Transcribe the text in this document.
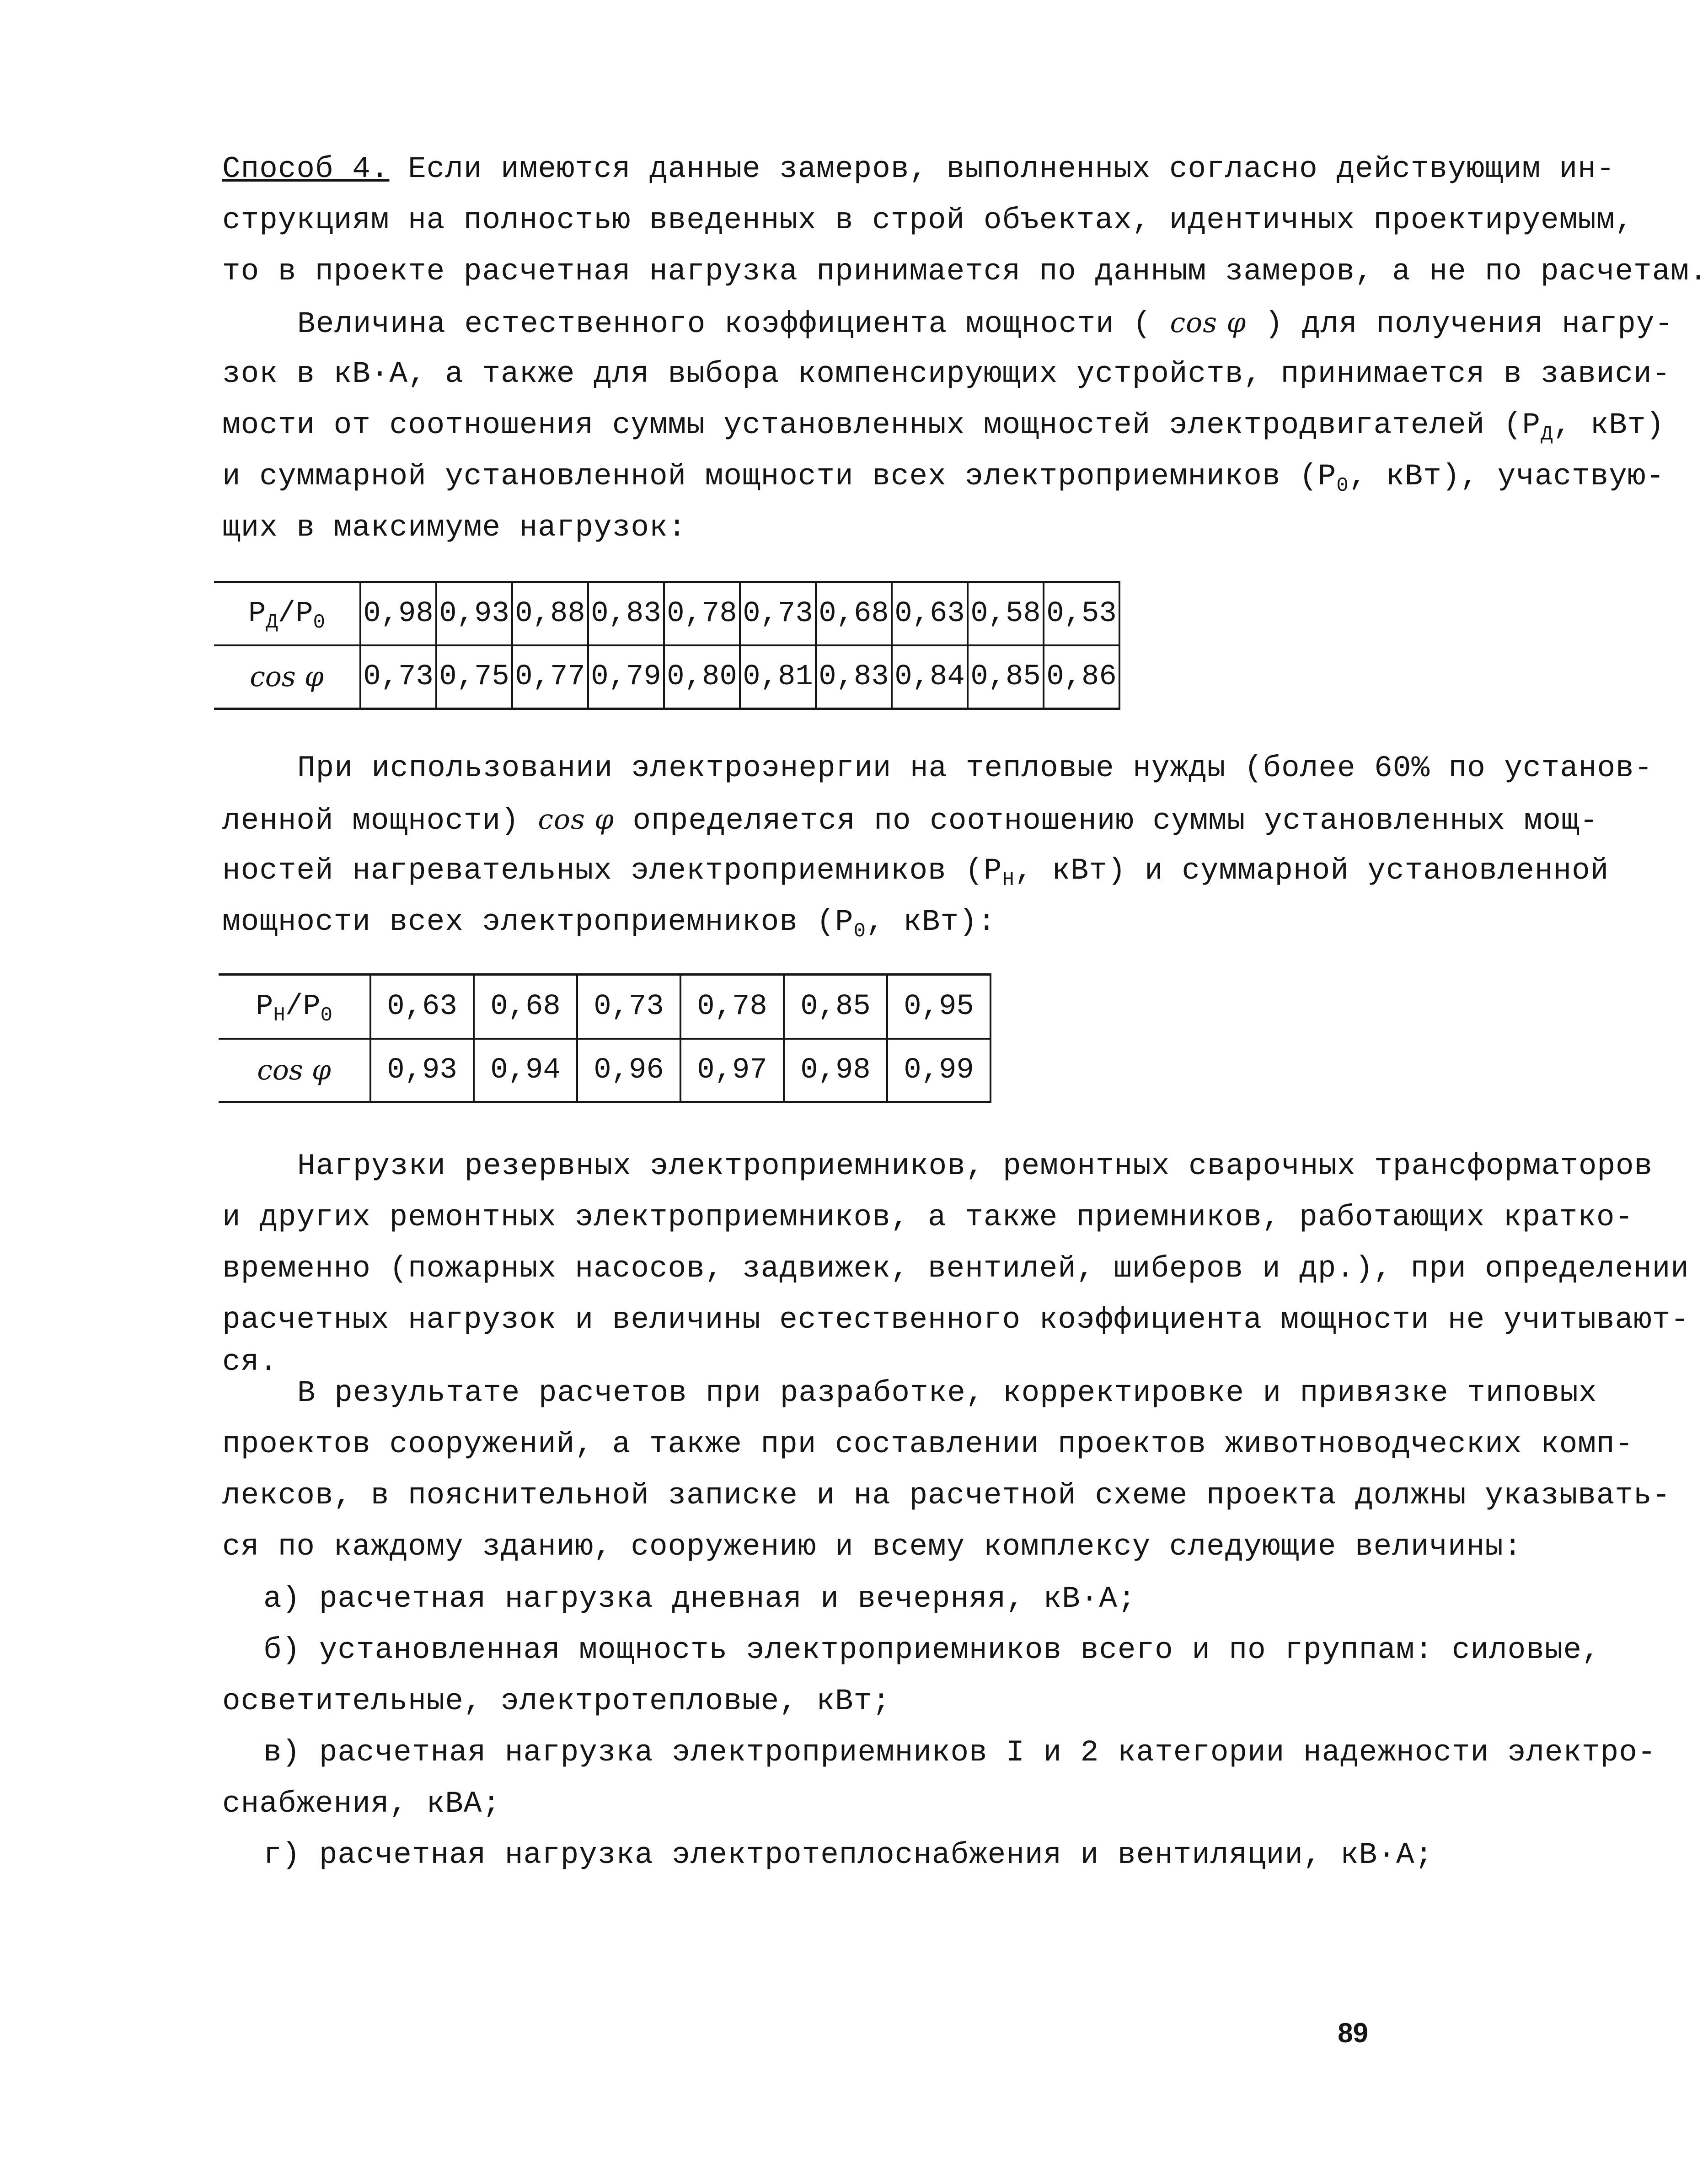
Способ 4. Если имеются данные замеров, выполненных согласно действующим ин-
струкциям на полностью введенных в строй объектах, идентичных проектируемым,
то в проекте расчетная нагрузка принимается по данным замеров, а не по расчетам.
Величина естественного коэффициента мощности ( cos φ ) для получения нагру-
зок в кВ·А, а также для выбора компенсирующих устройств, принимается в зависи-
мости от соотношения суммы установленных мощностей электродвигателей ($Р_Д$, кВт)
и суммарной установленной мощности всех электроприемников ($Р_0$, кВт), участвую-
щих в максимуме нагрузок:
$Р_Д/Р_0$	0,98	0,93	0,88	0,83	0,78	0,73	0,68	0,63	0,58	0,53
cos φ	0,73	0,75	0,77	0,79	0,80	0,81	0,83	0,84	0,85	0,86
При использовании электроэнергии на тепловые нужды (более 60% по установ-
ленной мощности) cos φ определяется по соотношению суммы установленных мощ-
ностей нагревательных электроприемников ($Р_Н$, кВт) и суммарной установленной
мощности всех электроприемников ($Р_0$, кВт):
$Р_Н/Р_0$	0,63	0,68	0,73	0,78	0,85	0,95
cos φ	0,93	0,94	0,96	0,97	0,98	0,99
Нагрузки резервных электроприемников, ремонтных сварочных трансформаторов
и других ремонтных электроприемников, а также приемников, работающих кратко-
временно (пожарных насосов, задвижек, вентилей, шиберов и др.), при определении
расчетных нагрузок и величины естественного коэффициента мощности не учитывают-
ся.
В результате расчетов при разработке, корректировке и привязке типовых
проектов сооружений, а также при составлении проектов животноводческих комп-
лексов, в пояснительной записке и на расчетной схеме проекта должны указывать-
ся по каждому зданию, сооружению и всему комплексу следующие величины:
а) расчетная нагрузка дневная и вечерняя, кВ·А;
б) установленная мощность электроприемников всего и по группам: силовые,
осветительные, электротепловые, кВт;
в) расчетная нагрузка электроприемников I и 2 категории надежности электро-
снабжения, кВА;
г) расчетная нагрузка электротеплоснабжения и вентиляции, кВ·А;
89
